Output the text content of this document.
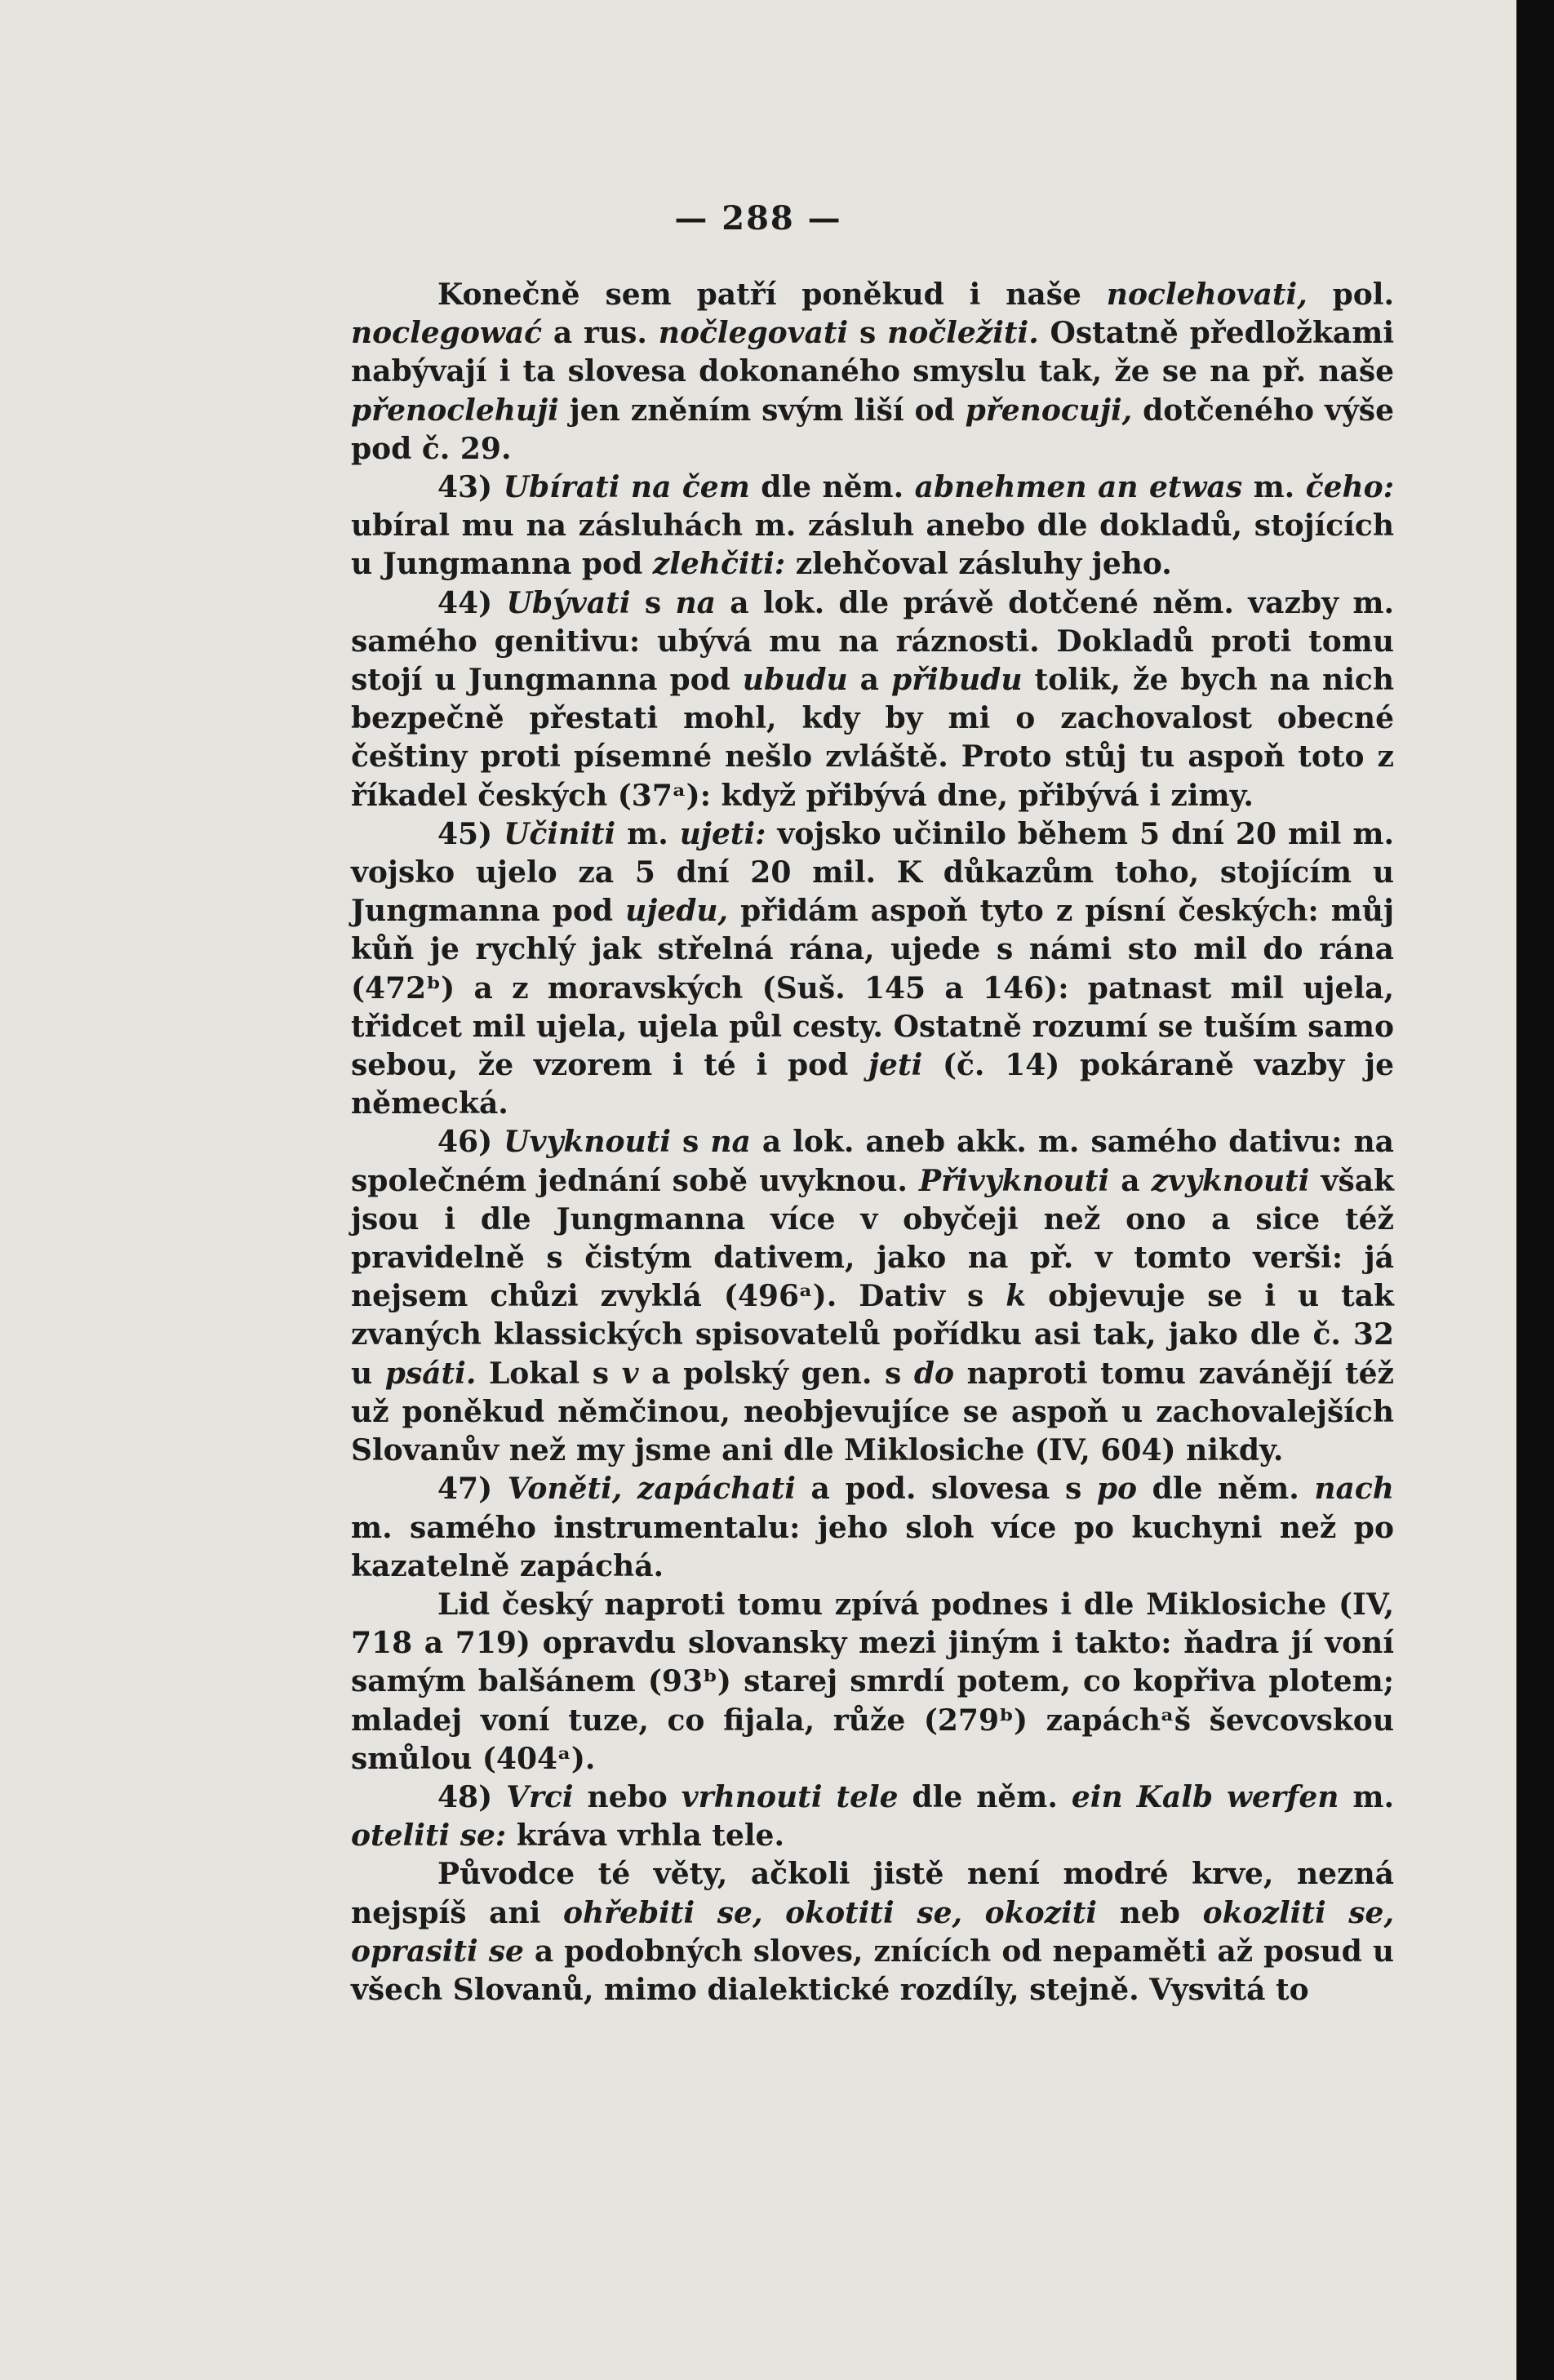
— 288 —

Konečně sem patří poněkud i naše noclehovati, pol. noclegować a rus. nočlegovati s nočležiti. Ostatně předložkami nabývají i ta slovesa dokonaného smyslu tak, že se na př. naše přenoclehuji jen zněním svým liší od přenocuji, dotčeného výše pod č. 29.

43) Ubírati na čem dle něm. abnehmen an etwas m. čeho: ubíral mu na zásluhách m. zásluh anebo dle dokladů, stojících u Jungmanna pod zlehčiti: zlehčoval zásluhy jeho.

44) Ubývati s na a lok. dle právě dotčené něm. vazby m. samého genitivu: ubývá mu na ráznosti. Dokladů proti tomu stojí u Jungmanna pod ubudu a přibudu tolik, že bych na nich bezpečně přestati mohl, kdy by mi o zachovalost obecné češtiny proti písemné nešlo zvláště. Proto stůj tu aspoň toto z říkadel českých (37ᵃ): když přibývá dne, přibývá i zimy.

45) Učiniti m. ujeti: vojsko učinilo během 5 dní 20 mil m. vojsko ujelo za 5 dní 20 mil. K důkazům toho, stojícím u Jungmanna pod ujedu, přidám aspoň tyto z písní českých: můj kůň je rychlý jak střelná rána, ujede s námi sto mil do rána (472ᵇ) a z moravských (Suš. 145 a 146): patnast mil ujela, třidcet mil ujela, ujela půl cesty. Ostatně rozumí se tuším samo sebou, že vzorem i té i pod jeti (č. 14) pokáraně vazby je německá.

46) Uvyknouti s na a lok. aneb akk. m. samého dativu: na společném jednání sobě uvyknou. Přivyknouti a zvyknouti však jsou i dle Jungmanna více v obyčeji než ono a sice též pravidelně s čistým dativem, jako na př. v tomto verši: já nejsem chůzi zvyklá (496ᵃ). Dativ s k objevuje se i u tak zvaných klassických spisovatelů pořídku asi tak, jako dle č. 32 u psáti. Lokal s v a polský gen. s do naproti tomu zavánějí též už poněkud němčinou, neobjevujíce se aspoň u zachovalejších Slovanův než my jsme ani dle Miklosiche (IV, 604) nikdy.

47) Voněti, zapáchati a pod. slovesa s po dle něm. nach m. samého instrumentalu: jeho sloh více po kuchyni než po kazatelně zapáchá.

Lid český naproti tomu zpívá podnes i dle Miklosiche (IV, 718 a 719) opravdu slovansky mezi jiným i takto: ňadra jí voní samým balšánem (93ᵇ) starej smrdí potem, co kopřiva plotem; mladej voní tuze, co fijala, růže (279ᵇ) zapáchᵃš ševcovskou smůlou (404ᵃ).

48) Vrci nebo vrhnouti tele dle něm. ein Kalb werfen m. oteliti se: kráva vrhla tele.

Původce té věty, ačkoli jistě není modré krve, nezná nejspíš ani ohřebiti se, okotiti se, okoziti neb okozliti se, oprasiti se a podobných sloves, znících od nepaměti až posud u všech Slovanů, mimo dialektické rozdíly, stejně. Vysvitá to
